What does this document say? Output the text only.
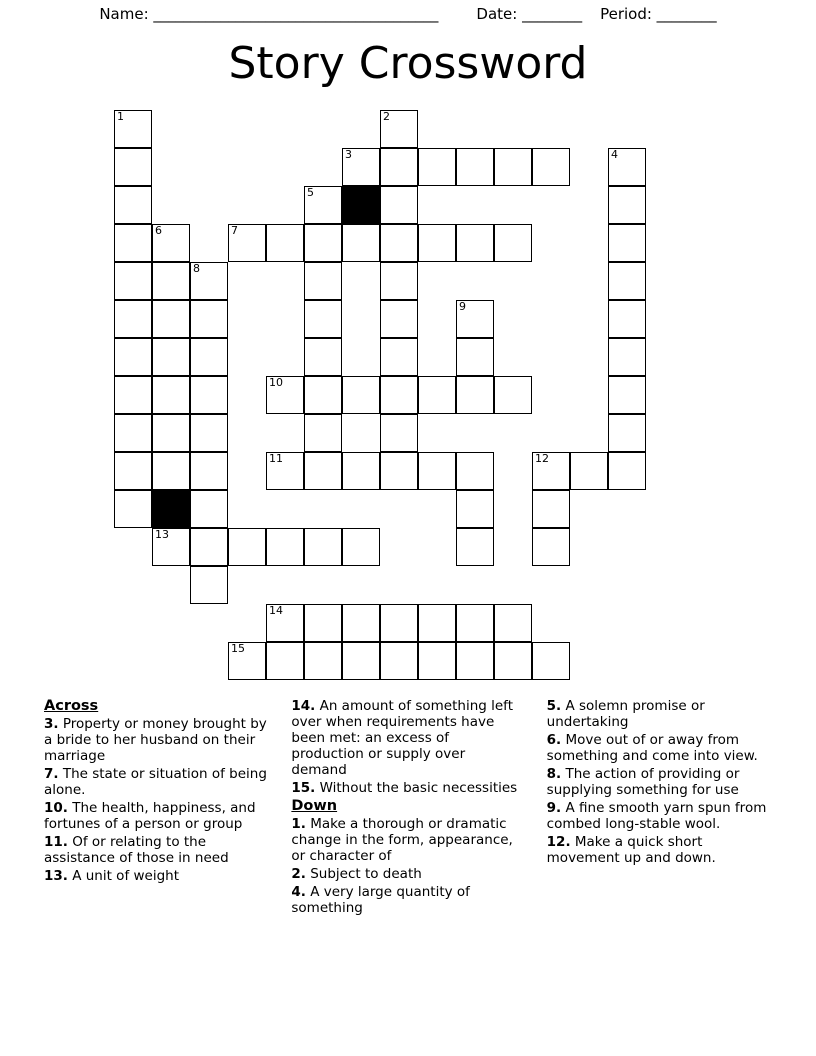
Name: ______________________________________	Date: ________ Period: ________
Story Crossword
1	2
3	4
5
6	7
8
9
10
11	12
13
14
15
Across
3. Property or money brought by a bride to her husband on their marriage
7. The state or situation of being alone.
10. The health, happiness, and fortunes of a person or group
11. Of or relating to the assistance of those in need
13. A unit of weight
14. An amount of something left over when requirements have been met: an excess of production or supply over demand
15. Without the basic necessities
Down
1. Make a thorough or dramatic change in the form, appearance, or character of
2. Subject to death
4. A very large quantity of something
5. A solemn promise or undertaking
6. Move out of or away from something and come into view.
8. The action of providing or supplying something for use
9. A fine smooth yarn spun from combed long-stable wool.
12. Make a quick short movement up and down.
